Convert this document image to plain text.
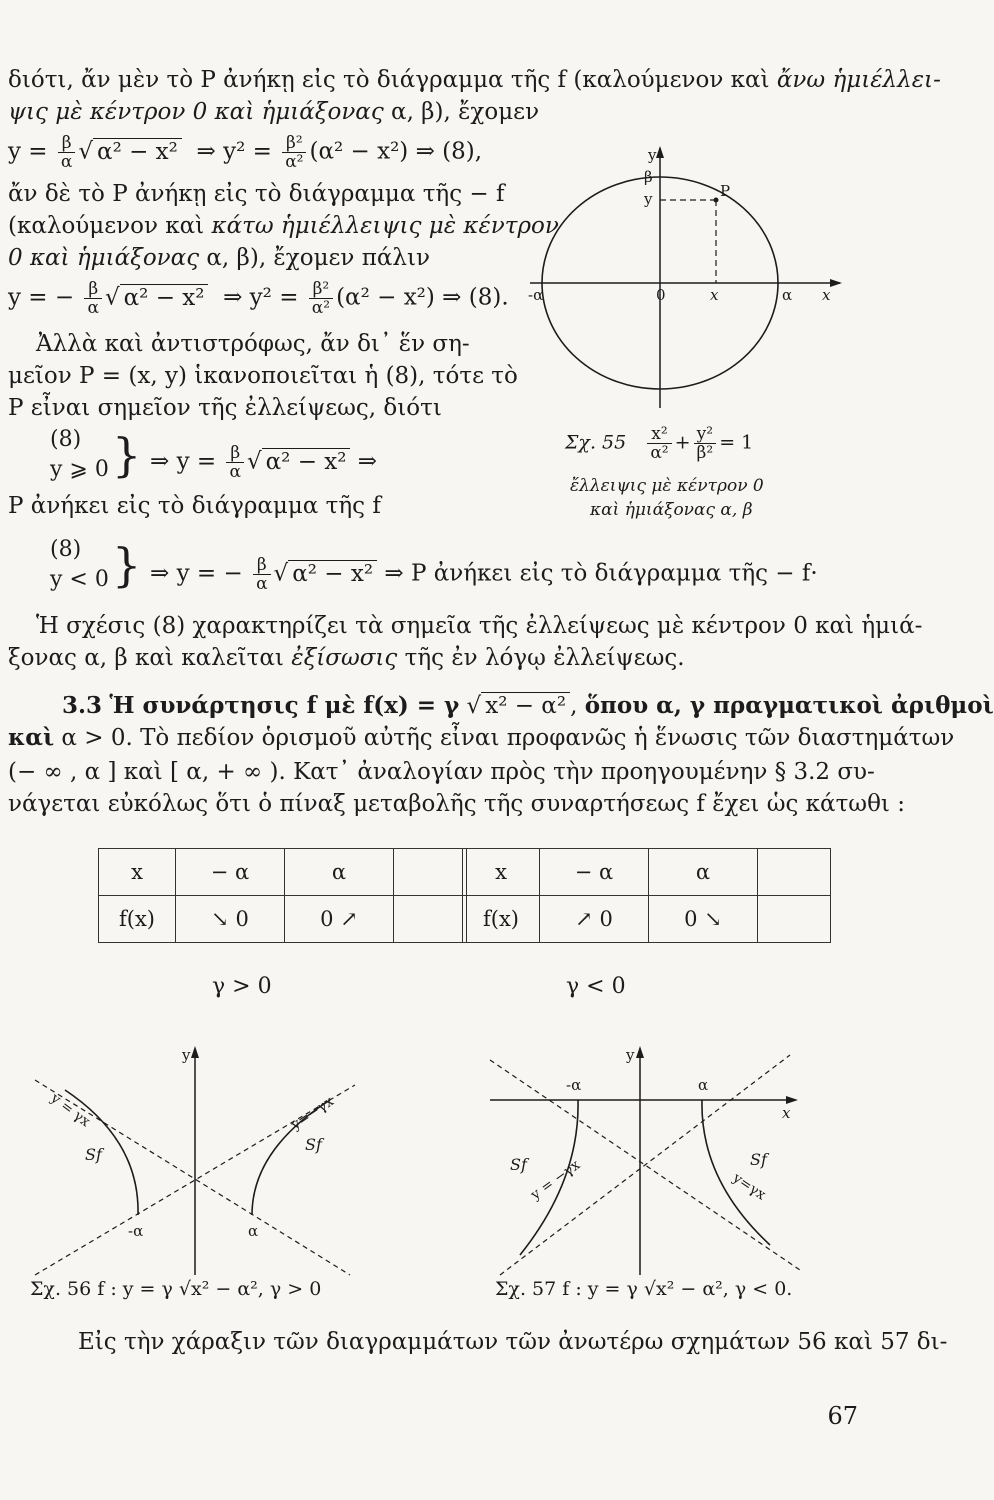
διότι, ἄν μὲν τὸ P ἀνήκῃ εἰς τὸ διάγραμμα τῆς f (καλούμενον καὶ ἄνω ἡμιέλλει-
ψις μὲ κέντρον 0 καὶ ἡμιάξονας α, β), ἔχομεν
$y = \frac{\beta}{\alpha}$ √ α² − x²  ⇒ $y^2 = \frac{\text{β²}}{\text{α²}} (\alpha^2 - x^2)$ ⇒ (8),
ἄν δὲ τὸ P ἀνήκῃ εἰς τὸ διάγραμμα τῆς − f
(καλούμενον καὶ κάτω ἡμιέλλειψις μὲ κέντρον
0 καὶ ἡμιάξονας α, β), ἔχομεν πάλιν
y = − $\frac{\beta}{\alpha}$ √ α² − x²  ⇒ $y^2 = \frac{\text{β²}}{\text{α²}} (\alpha^2 - x^2)$ ⇒ (8).
Ἀλλὰ καὶ ἀντιστρόφως, ἄν δι᾽ ἕν ση-
μεῖον P = (x, y) ἱκανοποιεῖται ἡ (8), τότε τὸ
P εἶναι σημεῖον τῆς ἐλλείψεως, διότι
(8)
y ⩾ 0 } ⇒ $y = \frac{\beta}{\alpha}$ √ α² − x² ⇒
P ἀνήκει εἰς τὸ διάγραμμα τῆς f
(8)
y < 0 } ⇒ y = − $\frac{\beta}{\alpha}$ √ α² − x² ⇒ P ἀνήκει εἰς τὸ διάγραμμα τῆς − f·
Ἡ σχέσις (8) χαρακτηρίζει τὰ σημεῖα τῆς ἐλλείψεως μὲ κέντρον 0 καὶ ἡμιά-
ξονας α, β καὶ καλεῖται ἐξίσωσις τῆς ἐν λόγῳ ἐλλείψεως.
y
β
y	P
-α	0	x	α x
Σχ. $55 \frac{\text{x²}}{\text{α²}} + \frac{\text{y²}}{\text{β²}} = 1$
ἔλλειψις μὲ κέντρον 0
καὶ ἡμιάξονας α, β
3.3 Ἡ συνάρτησις f μὲ f(x) = γ √ x² − α² , ὅπου α, γ πραγματικοὶ ἀριθμοὶ
καὶ α > 0. Τὸ πεδίον ὁρισμοῦ αὐτῆς εἶναι προφανῶς ἡ ἕνωσις τῶν διαστημάτων
(− ∞ , α ] καὶ [ α, + ∞ ). Κατ᾽ ἀναλογίαν πρὸς τὴν προηγουμένην § 3.2 συ-
νάγεται εὐκόλως ὅτι ὁ πίναξ μεταβολῆς τῆς συναρτήσεως f ἔχει ὡς κάτωθι :
x	− α	α	
f(x)	↘ 0	0 ↗	
γ > 0
x	− α	α	
f(x)	↗ 0	0 ↘	
γ < 0
y
y = γx	y=−γx
Sf
Sf
-α	α
Σχ. 56 f : y = γ √x² − α², γ > 0
y
-α	α
x
Sf	Sf
y = −γx	y=γx
Σχ. 57 f : y = γ √x² − α², γ < 0.
Εἰς τὴν χάραξιν τῶν διαγραμμάτων τῶν ἀνωτέρω σχημάτων 56 καὶ 57 δι-
67
